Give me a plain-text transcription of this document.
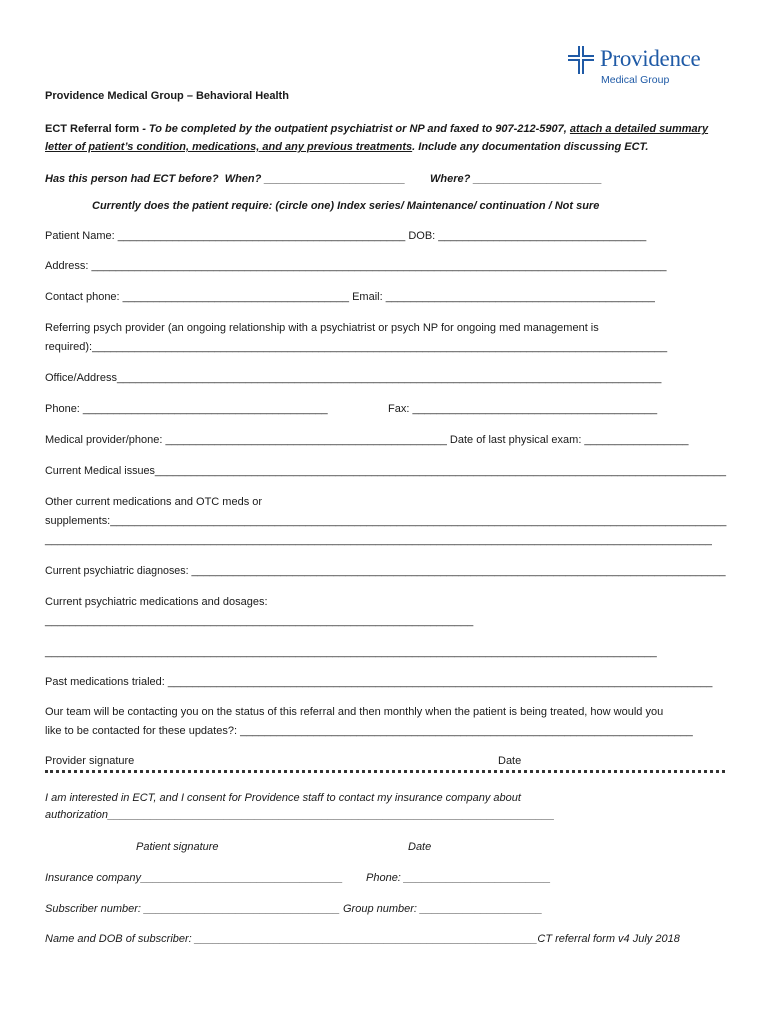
Providence
Medical Group
Providence Medical Group – Behavioral Health
ECT Referral form - To be completed by the outpatient psychiatrist or NP and faxed to 907-212-5907, attach a detailed summary
letter of patient’s condition, medications, and any previous treatments. Include any documentation discussing ECT.
Has this person had ECT before?  When? _______________________ Where? _____________________
Currently does the patient require: (circle one) Index series/ Maintenance/ continuation / Not sure
Patient Name: _______________________________________________ DOB: __________________________________
Address: ______________________________________________________________________________________________
Contact phone: _____________________________________ Email: ____________________________________________
Referring psych provider (an ongoing relationship with a psychiatrist or psych NP for ongoing med management is
required):______________________________________________________________________________________________
Office/Address_________________________________________________________________________________________
Phone: ________________________________________	Fax: ________________________________________
Medical provider/phone: ______________________________________________ Date of last physical exam: _________________
Current Medical issues_______________________________________________________________________________________________
Other current medications and OTC meds or
supplements:_____________________________________________________________________________________________________
_____________________________________________________________________________________________________________
Current psychiatric diagnoses: __________________________________________________________________________________________
Current psychiatric medications and dosages:
______________________________________________________________________
____________________________________________________________________________________________________
Past medications trialed: _________________________________________________________________________________________
Our team will be contacting you on the status of this referral and then monthly when the patient is being treated, how would you
like to be contacted for these updates?: __________________________________________________________________________
Provider signature	Date
I am interested in ECT, and I consent for Providence staff to contact my insurance company about
authorization_________________________________________________________________________
Patient signature	Date
Insurance company_________________________________ Phone: ________________________
Subscriber number: ________________________________ Group number: ____________________
Name and DOB of subscriber: ________________________________________________________CT referral form v4 July 2018
